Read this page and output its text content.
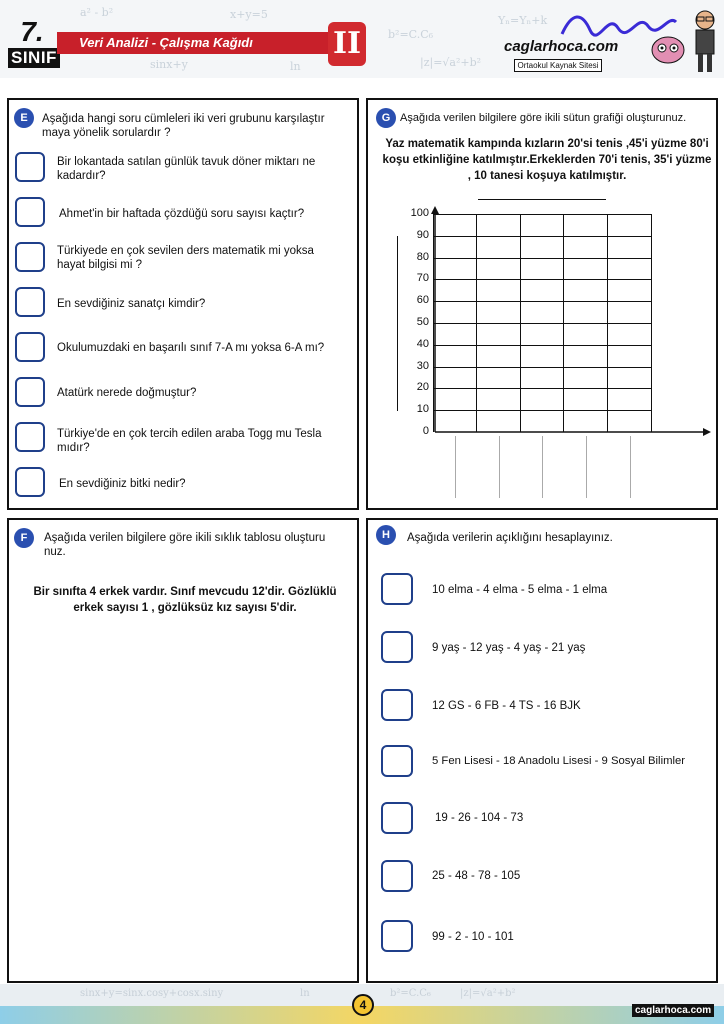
a² - b²
b²=C.C₆
Yₙ=Yₙ+k
|z|=√a²+b²
x+y=5
sinx+y	ln
7.
SINIF
Veri Analizi - Çalışma Kağıdı	II	caglarhoca.com
Ortaokul Kaynak Sitesi
E	Aşağıda hangi soru cümleleri iki veri grubunu karşılaştır maya yönelik sorulardır ?
Bir lokantada satılan günlük tavuk döner miktarı ne kadardır?
Ahmet'in bir haftada çözdüğü soru sayısı kaçtır?
Türkiyede en çok sevilen ders matematik mi yoksa hayat bilgisi mi ?
En sevdiğiniz sanatçı kimdir?
Okulumuzdaki en başarılı sınıf 7-A mı yoksa 6-A mı?
Atatürk nerede doğmuştur?
Türkiye'de en çok tercih edilen araba Togg mu Tesla mıdır?
En sevdiğiniz bitki nedir?
G Aşağıda verilen bilgilere göre ikili sütun grafiği oluşturunuz.
Yaz matematik kampında kızların 20'si tenis ,45'i yüzme 80'i koşu etkinliğine katılmıştır.Erkeklerden 70'i tenis, 35'i yüzme , 10 tanesi koşuya katılmıştır.
100
90
80
70
60
50
40
30
20
10
0
F	Aşağıda verilen bilgilere göre ikili sıklık tablosu oluşturu nuz.
Bir sınıfta 4 erkek vardır. Sınıf mevcudu 12'dir. Gözlüklü erkek sayısı 1 , gözlüksüz kız sayısı 5'dir.
H	Aşağıda verilerin açıklığını hesaplayınız.
10 elma - 4 elma - 5 elma - 1 elma
9 yaş - 12 yaş - 4 yaş - 21 yaş
12 GS - 6 FB - 4 TS - 16 BJK
5 Fen Lisesi - 18 Anadolu Lisesi - 9 Sosyal Bilimler
19 - 26 - 104 - 73
25 - 48 - 78 - 105
99 - 2 - 10 - 101
sinx+y=sinx.cosy+cosx.siny	ln	b²=C.C₆	|z|=√a²+b²
4	caglarhoca.com
